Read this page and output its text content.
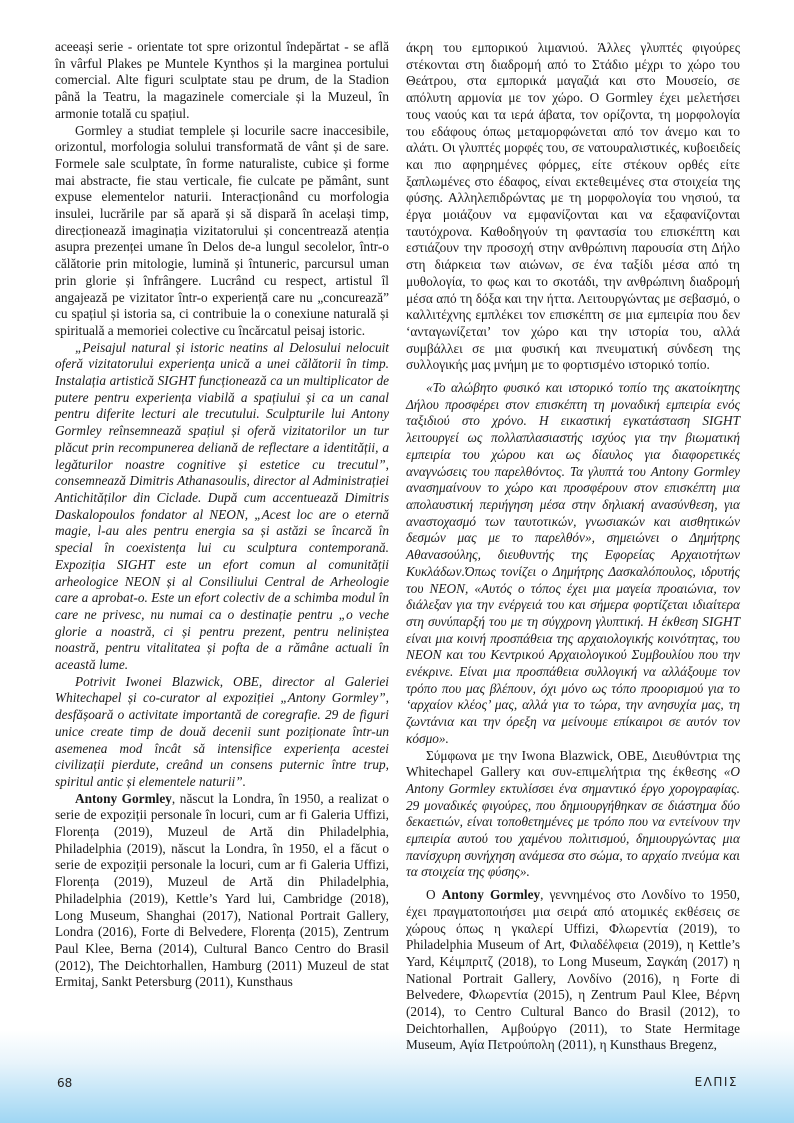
aceeași serie - orientate tot spre orizontul îndepărtat - se află în vârful Plakes pe Muntele Kynthos și la marginea portului comercial. Alte figuri sculptate stau pe drum, de la Stadion până la Teatru, la magazinele comerciale și la Muzeul, în armonie totală cu spațiul.

Gormley a studiat templele și locurile sacre inaccesibile, orizontul, morfologia solului transformată de vânt și de sare. Formele sale sculptate, în forme naturaliste, cubice și forme mai abstracte, fie stau verticale, fie culcate pe pământ, sunt expuse elementelor naturii. Interacționând cu morfologia insulei, lucrările par să apară și să dispară în același timp, direcționează imaginația vizitatorului și concentrează atenția asupra prezenței umane în Delos de-a lungul secolelor, într-o călătorie prin mitologie, lumină și întuneric, parcursul uman prin glorie și înfrângere. Lucrând cu respect, artistul îl angajează pe vizitator într-o experiență care nu „concurează” cu spațiul și istoria sa, ci contribuie la o conexiune naturală și spirituală a memoriei colective cu încărcatul peisaj istoric.

„Peisajul natural și istoric neatins al Delosului nelocuit oferă vizitatorului experiența unică a unei călătorii în timp. Instalația artistică SIGHT funcționează ca un multiplicator de putere pentru experiența viabilă a spațiului și ca un canal pentru diferite lecturi ale trecutului. Sculpturile lui Antony Gormley reînsemnează spațiul și oferă vizitatorilor un tur plăcut prin recompunerea deliană de reflectare a identității, a legăturilor noastre cognitive și estetice cu trecutul”, consemnează Dimitris Athanasoulis, director al Administrației Antichităților din Ciclade. După cum accentuează Dimitris Daskalopoulos fondator al NEON, „Acest loc are o eternă magie, l-au ales pentru energia sa și astăzi se încarcă în special în coexistența lui cu sculptura contemporană. Expoziția SIGHT este un efort comun al comunității arheologice NEON și al Consiliului Central de Arheologie care a aprobat-o. Este un efort colectiv de a schimba modul în care ne privesc, nu numai ca o destinație pentru „o veche glorie a noastră, ci și pentru prezent, pentru neliniștea noastră, pentru vitalitatea și pofta de a rămâne actuali în această lume.

Potrivit Iwonei Blazwick, OBE, director al Galeriei Whitechapel și co-curator al expoziției „Antony Gormley”, desfășoară o activitate importantă de coregrafie. 29 de figuri unice create timp de două decenii sunt poziționate într-un asemenea mod încât să intensifice experiența acestei civilizații pierdute, creând un consens puternic între trup, spiritul antic și elementele naturii”.

Antony Gormley, născut la Londra, în 1950, a realizat o serie de expoziții personale în locuri, cum ar fi Galeria Uffizi, Florența (2019), Muzeul de Artă din Philadelphia, Philadelphia (2019), născut la Londra, în 1950, el a făcut o serie de expoziții personale la locuri, cum ar fi Galeria Uffizi, Florența (2019), Muzeul de Artă din Philadelphia, Philadelphia (2019), Kettle’s Yard lui, Cambridge (2018), Long Museum, Shanghai (2017), National Portrait Gallery, Londra (2016), Forte di Belvedere, Florența (2015), Zentrum Paul Klee, Berna (2014), Cultural Banco Centro do Brasil (2012), The Deichtorhallen, Hamburg (2011) Muzeul de stat Ermitaj, Sankt Petersburg (2011), Kunsthaus

άκρη του εμπορικού λιμανιού. Άλλες γλυπτές φιγούρες στέκονται στη διαδρομή από το Στάδιο μέχρι το χώρο του Θεάτρου, στα εμπορικά μαγαζιά και στο Μουσείο, σε απόλυτη αρμονία με τον χώρο. Ο Gormley έχει μελετήσει τους ναούς και τα ιερά άβατα, τον ορίζοντα, τη μορφολογία του εδάφους όπως μεταμορφώνεται από τον άνεμο και το αλάτι. Οι γλυπτές μορφές του, σε νατουραλιστικές, κυβοειδείς και πιο αφηρημένες φόρμες, είτε στέκουν ορθές είτε ξαπλωμένες στο έδαφος, είναι εκτεθειμένες στα στοιχεία της φύσης. Αλληλεπιδρώντας με τη μορφολογία του νησιού, τα έργα μοιάζουν να εμφανίζονται και να εξαφανίζονται ταυτόχρονα. Καθοδηγούν τη φαντασία του επισκέπτη και εστιάζουν την προσοχή στην ανθρώπινη παρουσία στη Δήλο στη διάρκεια των αιώνων, σε ένα ταξίδι μέσα από τη μυθολογία, το φως και το σκοτάδι, την ανθρώπινη διαδρομή μέσα από τη δόξα και την ήττα. Λειτουργώντας με σεβασμό, ο καλλιτέχνης εμπλέκει τον επισκέπτη σε μια εμπειρία που δεν ‘ανταγωνίζεται’ τον χώρο και την ιστορία του, αλλά συμβάλλει σε μια φυσική και πνευματική σύνδεση της συλλογικής μας μνήμη με το φορτισμένο ιστορικό τοπίο.

«Το αλώβητο φυσικό και ιστορικό τοπίο της ακατοίκητης Δήλου προσφέρει στον επισκέπτη τη μοναδική εμπειρία ενός ταξιδιού στο χρόνο. Η εικαστική εγκατάσταση SIGHT λειτουργεί ως πολλαπλασιαστής ισχύος για την βιωματική εμπειρία του χώρου και ως δίαυλος για διαφορετικές αναγνώσεις του παρελθόντος. Τα γλυπτά του Antony Gormley ανασημαίνουν το χώρο και προσφέρουν στον επισκέπτη μια απολαυστική περιήγηση μέσα στην δηλιακή ανασύνθεση, για αναστοχασμό των ταυτοτικών, γνωσιακών και αισθητικών δεσμών μας με το παρελθόν», σημειώνει ο Δημήτρης Αθανασούλης, διευθυντής της Εφορείας Αρχαιοτήτων Κυκλάδων.Όπως τονίζει ο Δημήτρης Δασκαλόπουλος, ιδρυτής του NEON, «Αυτός ο τόπος έχει μια μαγεία προαιώνια, τον διάλεξαν για την ενέργειά του και σήμερα φορτίζεται ιδιαίτερα στη συνύπαρξή του με τη σύγχρονη γλυπτική. Η έκθεση SIGHT είναι μια κοινή προσπάθεια της αρχαιολογικής κοινότητας, του NEON και του Κεντρικού Αρχαιολογικού Συμβουλίου που την ενέκρινε. Είναι μια προσπάθεια συλλογική να αλλάξουμε τον τρόπο που μας βλέπουν, όχι μόνο ως τόπο προορισμού για το ‘αρχαίον κλέος’ μας, αλλά για το τώρα, την ανησυχία μας, τη ζωντάνια και την όρεξη να μείνουμε επίκαιροι σε αυτόν τον κόσμο».

Σύμφωνα με την Iwona Blazwick, OBE, Διευθύντρια της Whitechapel Gallery και συν-επιμελήτρια της έκθεσης «O Antony Gormley εκτυλίσσει ένα σημαντικό έργο χορογραφίας. 29 μοναδικές φιγούρες, που δημιουργήθηκαν σε διάστημα δύο δεκαετιών, είναι τοποθετημένες με τρόπο που να εντείνουν την εμπειρία αυτού του χαμένου πολιτισμού, δημιουργώντας μια πανίσχυρη συνήχηση ανάμεσα στο σώμα, το αρχαίο πνεύμα και τα στοιχεία της φύσης».

Ο Antony Gormley, γεννημένος στο Λονδίνο το 1950, έχει πραγματοποιήσει μια σειρά από ατομικές εκθέσεις σε χώρους όπως η γκαλερί Uffizi, Φλωρεντία (2019), το Philadelphia Museum of Art, Φιλαδέλφεια (2019), η Kettle’s Yard, Κέιμπριτζ (2018), το Long Museum, Σαγκάη (2017) η National Portrait Gallery, Λονδίνο (2016), η Forte di Belvedere, Φλωρεντία (2015), η Zentrum Paul Klee, Βέρνη (2014), το Centro Cultural Banco do Brasil (2012), το Deichtorhallen, Αμβούργο (2011), το State Hermitage Museum, Αγία Πετρούπολη (2011), η Kunsthaus Bregenz,

68	ΕΛΠΙΣ
